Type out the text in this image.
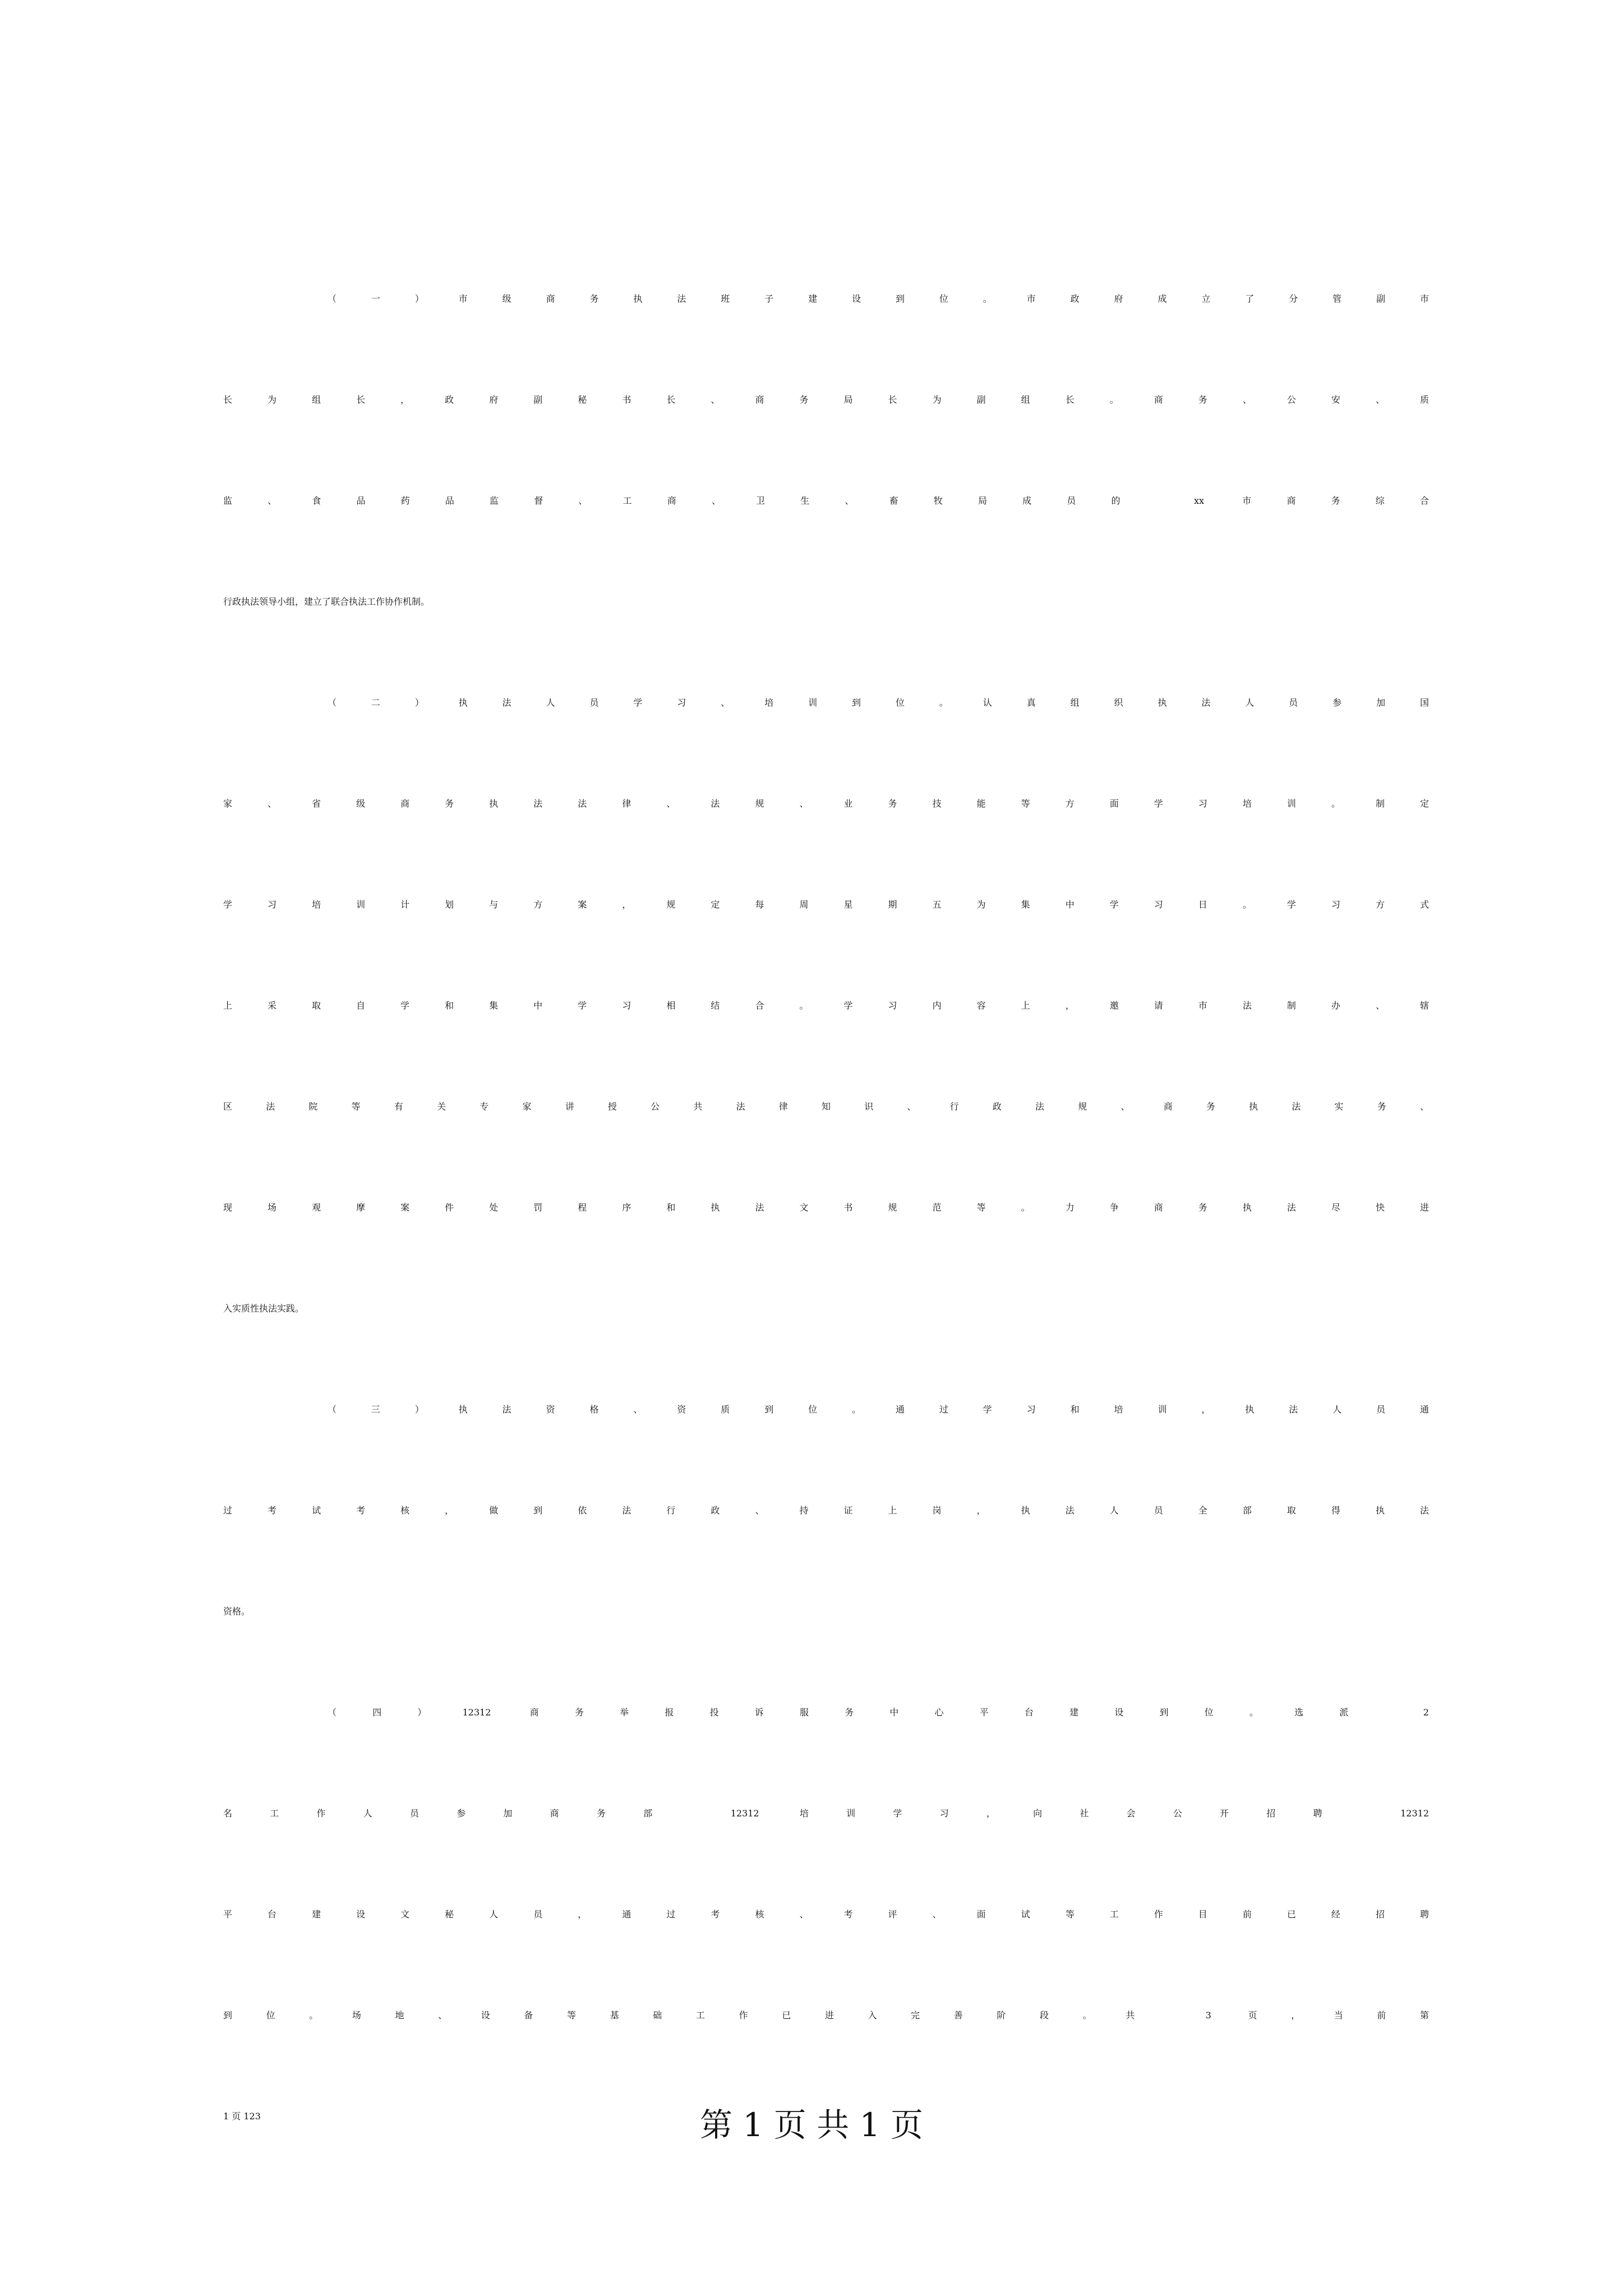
（一）市级商务执法班子建设到位。市政府成立了分管副市
长为组长，政府副秘书长、商务局长为副组长。商务、公安、质
监、食品药品监督、工商、卫生、畜牧局成员的 xx 市商务综合
行政执法领导小组，建立了联合执法工作协作机制。
（二）执法人员学习、培训到位。认真组织执法人员参加国
家、省级商务执法法律、法规、业务技能等方面学习培训。制定
学习培训计划与方案，规定每周星期五为集中学习日。学习方式
上采取自学和集中学习相结合。学习内容上，邀请市法制办、辖
区法院等有关专家讲授公共法律知识、行政法规、商务执法实务、
现场观摩案件处罚程序和执法文书规范等。力争商务执法尽快进
入实质性执法实践。
（三）执法资格、资质到位。通过学习和培训，执法人员通
过考试考核，做到依法行政、持证上岗，执法人员全部取得执法
资格。
（四）12312 商务举报投诉服务中心平台建设到位。选派 2
名工作人员参加商务部 12312 培训学习，向社会公开招聘 12312
平台建设文秘人员，通过考核、考评、面试等工作目前已经招聘
到位。场地、设备等基础工作已进入完善阶段。共 3 页，当前第
1 页 123	第 1 页 共 1 页
